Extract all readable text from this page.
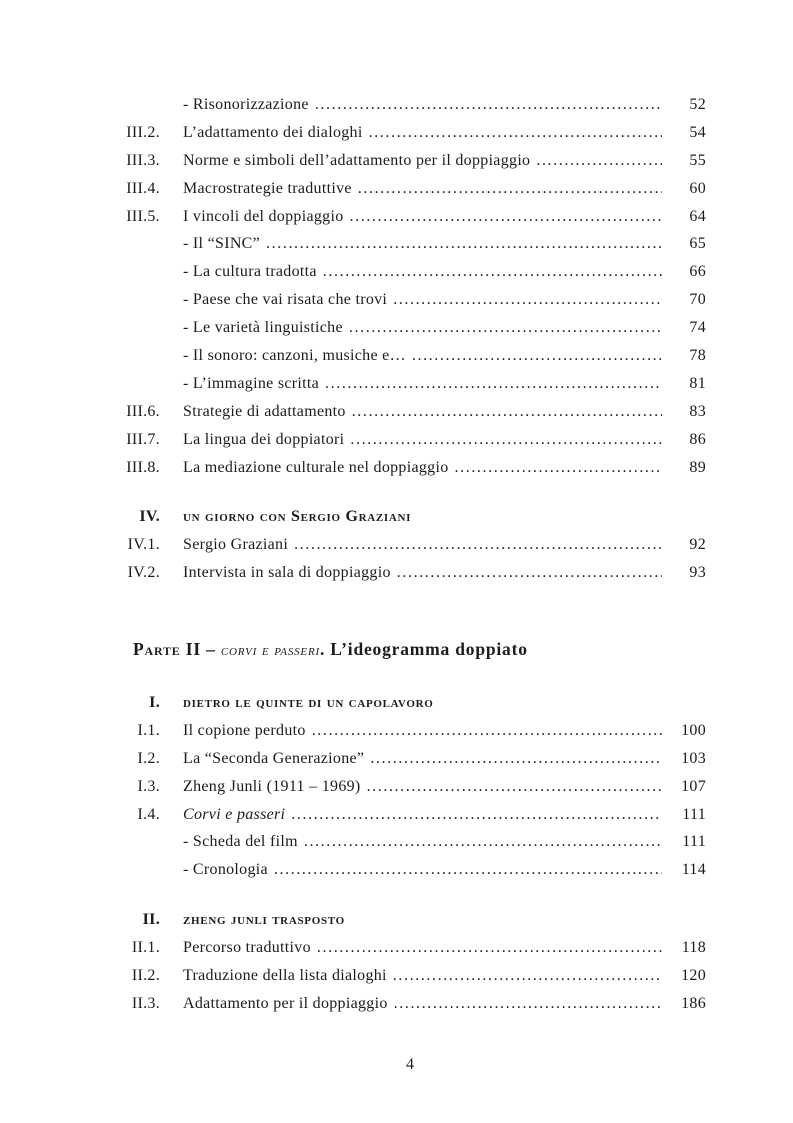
- Risonorizzazione .....	52
III.2. L’adattamento dei dialoghi .....	54
III.3. Norme e simboli dell’adattamento per il doppiaggio .....	55
III.4. Macrostrategie traduttive .....	60
III.5. I vincoli del doppiaggio .....	64
- Il “SINC” .....	65
- La cultura tradotta .....	66
- Paese che vai risata che trovi .....	70
- Le varietà linguistiche .....	74
- Il sonoro: canzoni, musiche e… .....	78
- L’immagine scritta .....	81
III.6. Strategie di adattamento .....	83
III.7. La lingua dei doppiatori .....	86
III.8. La mediazione culturale nel doppiaggio .....	89
IV. un giorno con Sergio Graziani
IV.1. Sergio Graziani .....	92
IV.2. Intervista in sala di doppiaggio .....	93
Parte II – corvi e passeri. L’ideogramma doppiato
I. dietro le quinte di un capolavoro
I.1. Il copione perduto .....	100
I.2. La “Seconda Generazione” .....	103
I.3. Zheng Junli (1911 – 1969) .....	107
I.4. Corvi e passeri .....	111
- Scheda del film .....	111
- Cronologia .....	114
II. zheng junli trasposto
II.1. Percorso traduttivo .....	118
II.2. Traduzione della lista dialoghi .....	120
II.3. Adattamento per il doppiaggio .....	186
4
